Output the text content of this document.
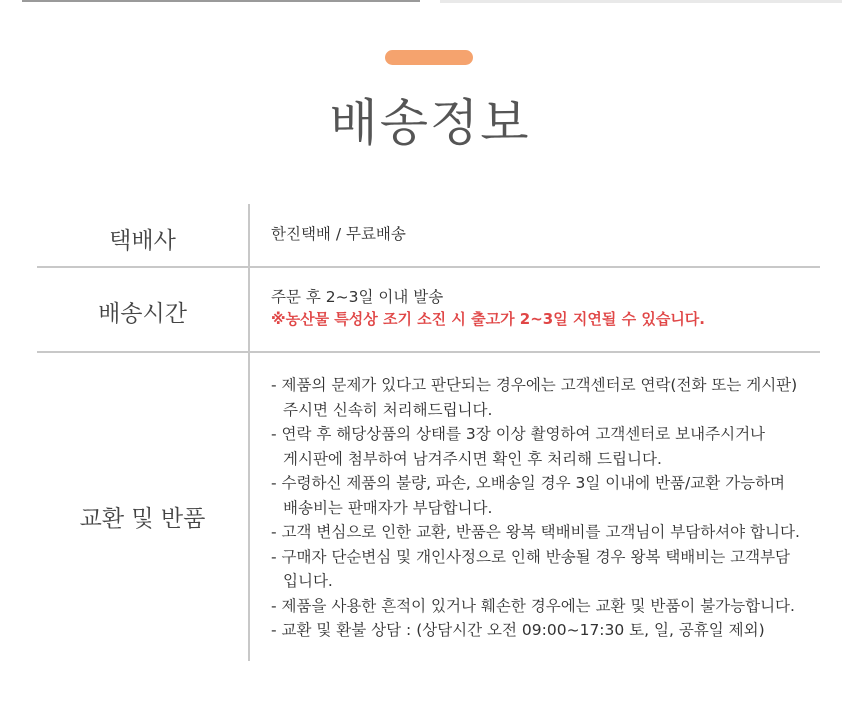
배송정보
택배사	한진택배 / 무료배송
배송시간
주문 후 2~3일 이내 발송
※농산물 특성상 조기 소진 시 출고가 2~3일 지연될 수 있습니다.
교환 및 반품

- 제품의 문제가 있다고 판단되는 경우에는 고객센터로 연락(전화 또는 게시판)

주시면 신속히 처리해드립니다.

- 연락 후 해당상품의 상태를 3장 이상 촬영하여 고객센터로 보내주시거나

게시판에 첨부하여 남겨주시면 확인 후 처리해 드립니다.

- 수령하신 제품의 불량, 파손, 오배송일 경우 3일 이내에 반품/교환 가능하며

배송비는 판매자가 부담합니다.

- 고객 변심으로 인한 교환, 반품은 왕복 택배비를 고객님이 부담하셔야 합니다.

- 구매자 단순변심 및 개인사정으로 인해 반송될 경우 왕복 택배비는 고객부담

입니다.

- 제품을 사용한 흔적이 있거나 훼손한 경우에는 교환 및 반품이 불가능합니다.

- 교환 및 환불 상담 : (상담시간 오전 09:00~17:30 토, 일, 공휴일 제외)
